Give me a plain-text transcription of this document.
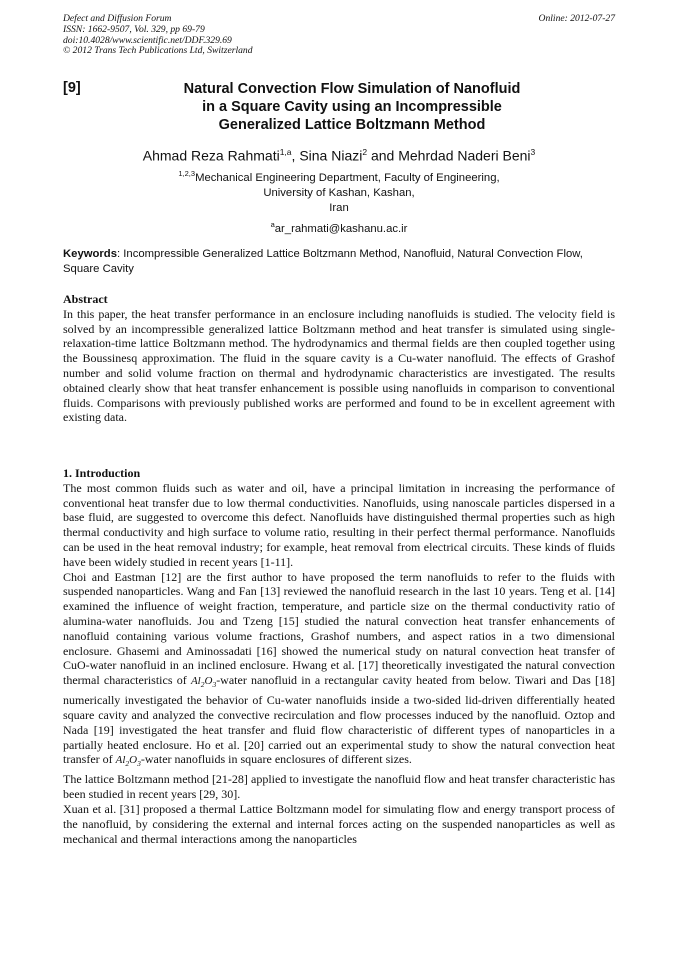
Defect and Diffusion Forum
ISSN: 1662-9507, Vol. 329, pp 69-79
doi:10.4028/www.scientific.net/DDF.329.69
© 2012 Trans Tech Publications Ltd, Switzerland
Online: 2012-07-27
[9]	Natural Convection Flow Simulation of Nanofluid
in a Square Cavity using an Incompressible
Generalized Lattice Boltzmann Method
Ahmad Reza Rahmati$^{1,a}$, Sina Niazi$^2$ and Mehrdad Naderi Beni$^3$
$^{1,2,3}$Mechanical Engineering Department, Faculty of Engineering,
University of Kashan, Kashan,
Iran
$^a$ar_rahmati@kashanu.ac.ir
Keywords: Incompressible Generalized Lattice Boltzmann Method, Nanofluid, Natural Convection Flow, Square Cavity
Abstract

In this paper, the heat transfer performance in an enclosure including nanofluids is studied. The velocity field is solved by an incompressible generalized lattice Boltzmann method and heat transfer is simulated using single-relaxation-time lattice Boltzmann method. The hydrodynamics and thermal fields are then coupled together using the Boussinesq approximation. The fluid in the square cavity is a Cu-water nanofluid. The effects of Grashof number and solid volume fraction on thermal and hydrodynamic characteristics are investigated. The results obtained clearly show that heat transfer enhancement is possible using nanofluids in comparison to conventional fluids. Comparisons with previously published works are performed and found to be in excellent agreement with existing data.

1. Introduction

The most common fluids such as water and oil, have a principal limitation in increasing the performance of conventional heat transfer due to low thermal conductivities. Nanofluids, using nanoscale particles dispersed in a base fluid, are suggested to overcome this defect. Nanofluids have distinguished thermal properties such as high thermal conductivity and high surface to volume ratio, resulting in their perfect thermal performance. Nanofluids can be used in the heat removal industry; for example, heat removal from electrical circuits. These kinds of fluids have been widely studied in recent years [1-11].

Choi and Eastman [12] are the first author to have proposed the term nanofluids to refer to the fluids with suspended nanoparticles. Wang and Fan [13] reviewed the nanofluid research in the last 10 years. Teng et al. [14] examined the influence of weight fraction, temperature, and particle size on the thermal conductivity ratio of alumina-water nanofluids. Jou and Tzeng [15] studied the natural convection heat transfer enhancements of nanofluid containing various volume fractions, Grashof numbers, and aspect ratios in a two dimensional enclosure. Ghasemi and Aminossadati [16] showed the numerical study on natural convection heat transfer of CuO-water nanofluid in an inclined enclosure. Hwang et al. [17] theoretically investigated the natural convection thermal characteristics of $Al_2O_3$-water nanofluid in a rectangular cavity heated from below. Tiwari and Das [18] numerically investigated the behavior of Cu-water nanofluids inside a two-sided lid-driven differentially heated square cavity and analyzed the convective recirculation and flow processes induced by the nanofluid. Oztop and Nada [19] investigated the heat transfer and fluid flow characteristic of different types of nanoparticles in a partially heated enclosure. Ho et al. [20] carried out an experimental study to show the natural convection heat transfer of $Al_2O_3$-water nanofluids in square enclosures of different sizes.

The lattice Boltzmann method [21-28] applied to investigate the nanofluid flow and heat transfer characteristic has been studied in recent years [29, 30].

Xuan et al. [31] proposed a thermal Lattice Boltzmann model for simulating flow and energy transport process of the nanofluid, by considering the external and internal forces acting on the suspended nanoparticles as well as mechanical and thermal interactions among the nanoparticles
